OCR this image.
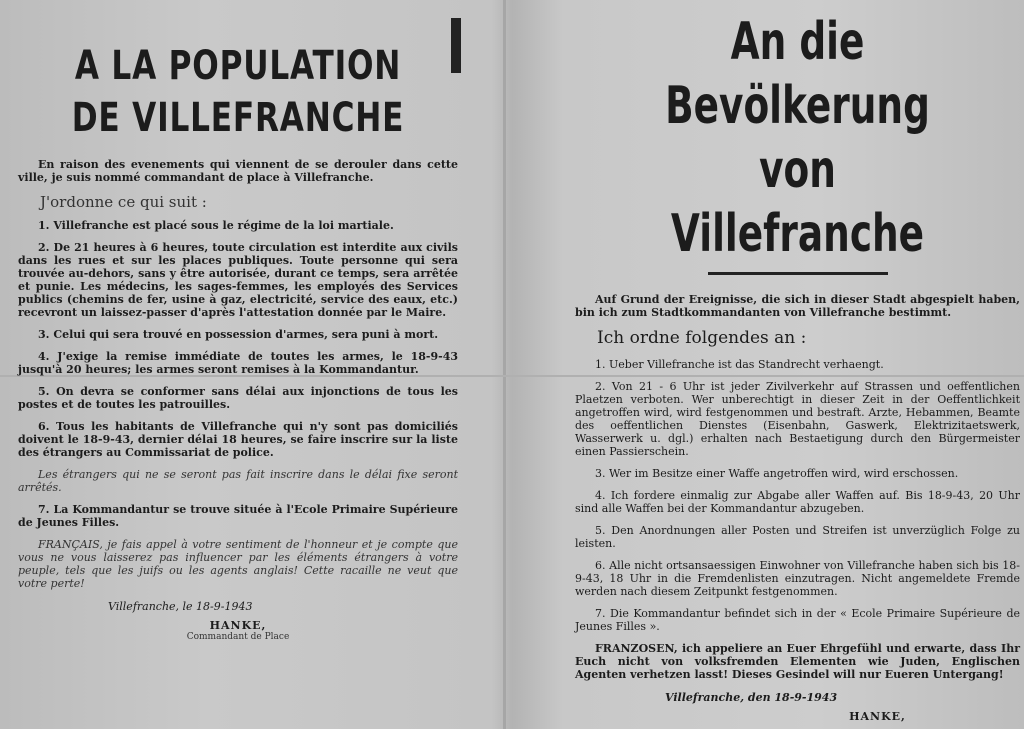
A LA POPULATION

DE VILLEFRANCHE

En raison des evenements qui viennent de se derouler dans cette ville, je suis nommé commandant de place à Villefranche.

J'ordonne ce qui suit :

1. Villefranche est placé sous le régime de la loi martiale.

2. De 21 heures à 6 heures, toute circulation est interdite aux civils dans les rues et sur les places publiques. Toute personne qui sera trouvée au-dehors, sans y être autorisée, durant ce temps, sera arrêtée et punie. Les médecins, les sages-femmes, les employés des Services publics (chemins de fer, usine à gaz, electricité, service des eaux, etc.) recevront un laissez-passer d'après l'attestation donnée par le Maire.

3. Celui qui sera trouvé en possession d'armes, sera puni à mort.

4. J'exige la remise immédiate de toutes les armes, le 18-9-43 jusqu'à 20 heures; les armes seront remises à la Kommandantur.

5. On devra se conformer sans délai aux injonctions de tous les postes et de toutes les patrouilles.

6. Tous les habitants de Villefranche qui n'y sont pas domiciliés doivent le 18-9-43, dernier délai 18 heures, se faire inscrire sur la liste des étrangers au Commissariat de police.

Les étrangers qui ne se seront pas fait inscrire dans le délai fixe seront arrêtés.

7. La Kommandantur se trouve située à l'Ecole Primaire Supérieure de Jeunes Filles.

FRANÇAIS, je fais appel à votre sentiment de l'honneur et je compte que vous ne vous laisserez pas influencer par les éléments étrangers à votre peuple, tels que les juifs ou les agents anglais! Cette racaille ne veut que votre perte!

Villefranche, le 18-9-1943

HANKE,

Commandant de Place

An die Bevölkerung

von Villefranche

Auf Grund der Ereignisse, die sich in dieser Stadt abgespielt haben, bin ich zum Stadtkommandanten von Villefranche bestimmt.

Ich ordne folgendes an :

1. Ueber Villefranche ist das Standrecht verhaengt.

2. Von 21 - 6 Uhr ist jeder Zivilverkehr auf Strassen und oeffentlichen Plaetzen verboten. Wer unberechtigt in dieser Zeit in der Oeffentlichkeit angetroffen wird, wird festgenommen und bestraft. Arzte, Hebammen, Beamte des oeffentlichen Dienstes (Eisenbahn, Gaswerk, Elektrizitaetswerk, Wasserwerk u. dgl.) erhalten nach Bestaetigung durch den Bürgermeister einen Passierschein.

3. Wer im Besitze einer Waffe angetroffen wird, wird erschossen.

4. Ich fordere einmalig zur Abgabe aller Waffen auf. Bis 18-9-43, 20 Uhr sind alle Waffen bei der Kommandantur abzugeben.

5. Den Anordnungen aller Posten und Streifen ist unverzüglich Folge zu leisten.

6. Alle nicht ortsansaessigen Einwohner von Villefranche haben sich bis 18-9-43, 18 Uhr in die Fremdenlisten einzutragen. Nicht angemeldete Fremde werden nach diesem Zeitpunkt festgenommen.

7. Die Kommandantur befindet sich in der « Ecole Primaire Supérieure de Jeunes Filles ».

FRANZOSEN, ich appeliere an Euer Ehrgefühl und erwarte, dass Ihr Euch nicht von volksfremden Elementen wie Juden, Englischen Agenten verhetzen lasst! Dieses Gesindel will nur Eueren Untergang!

Villefranche, den 18-9-1943

HANKE,
